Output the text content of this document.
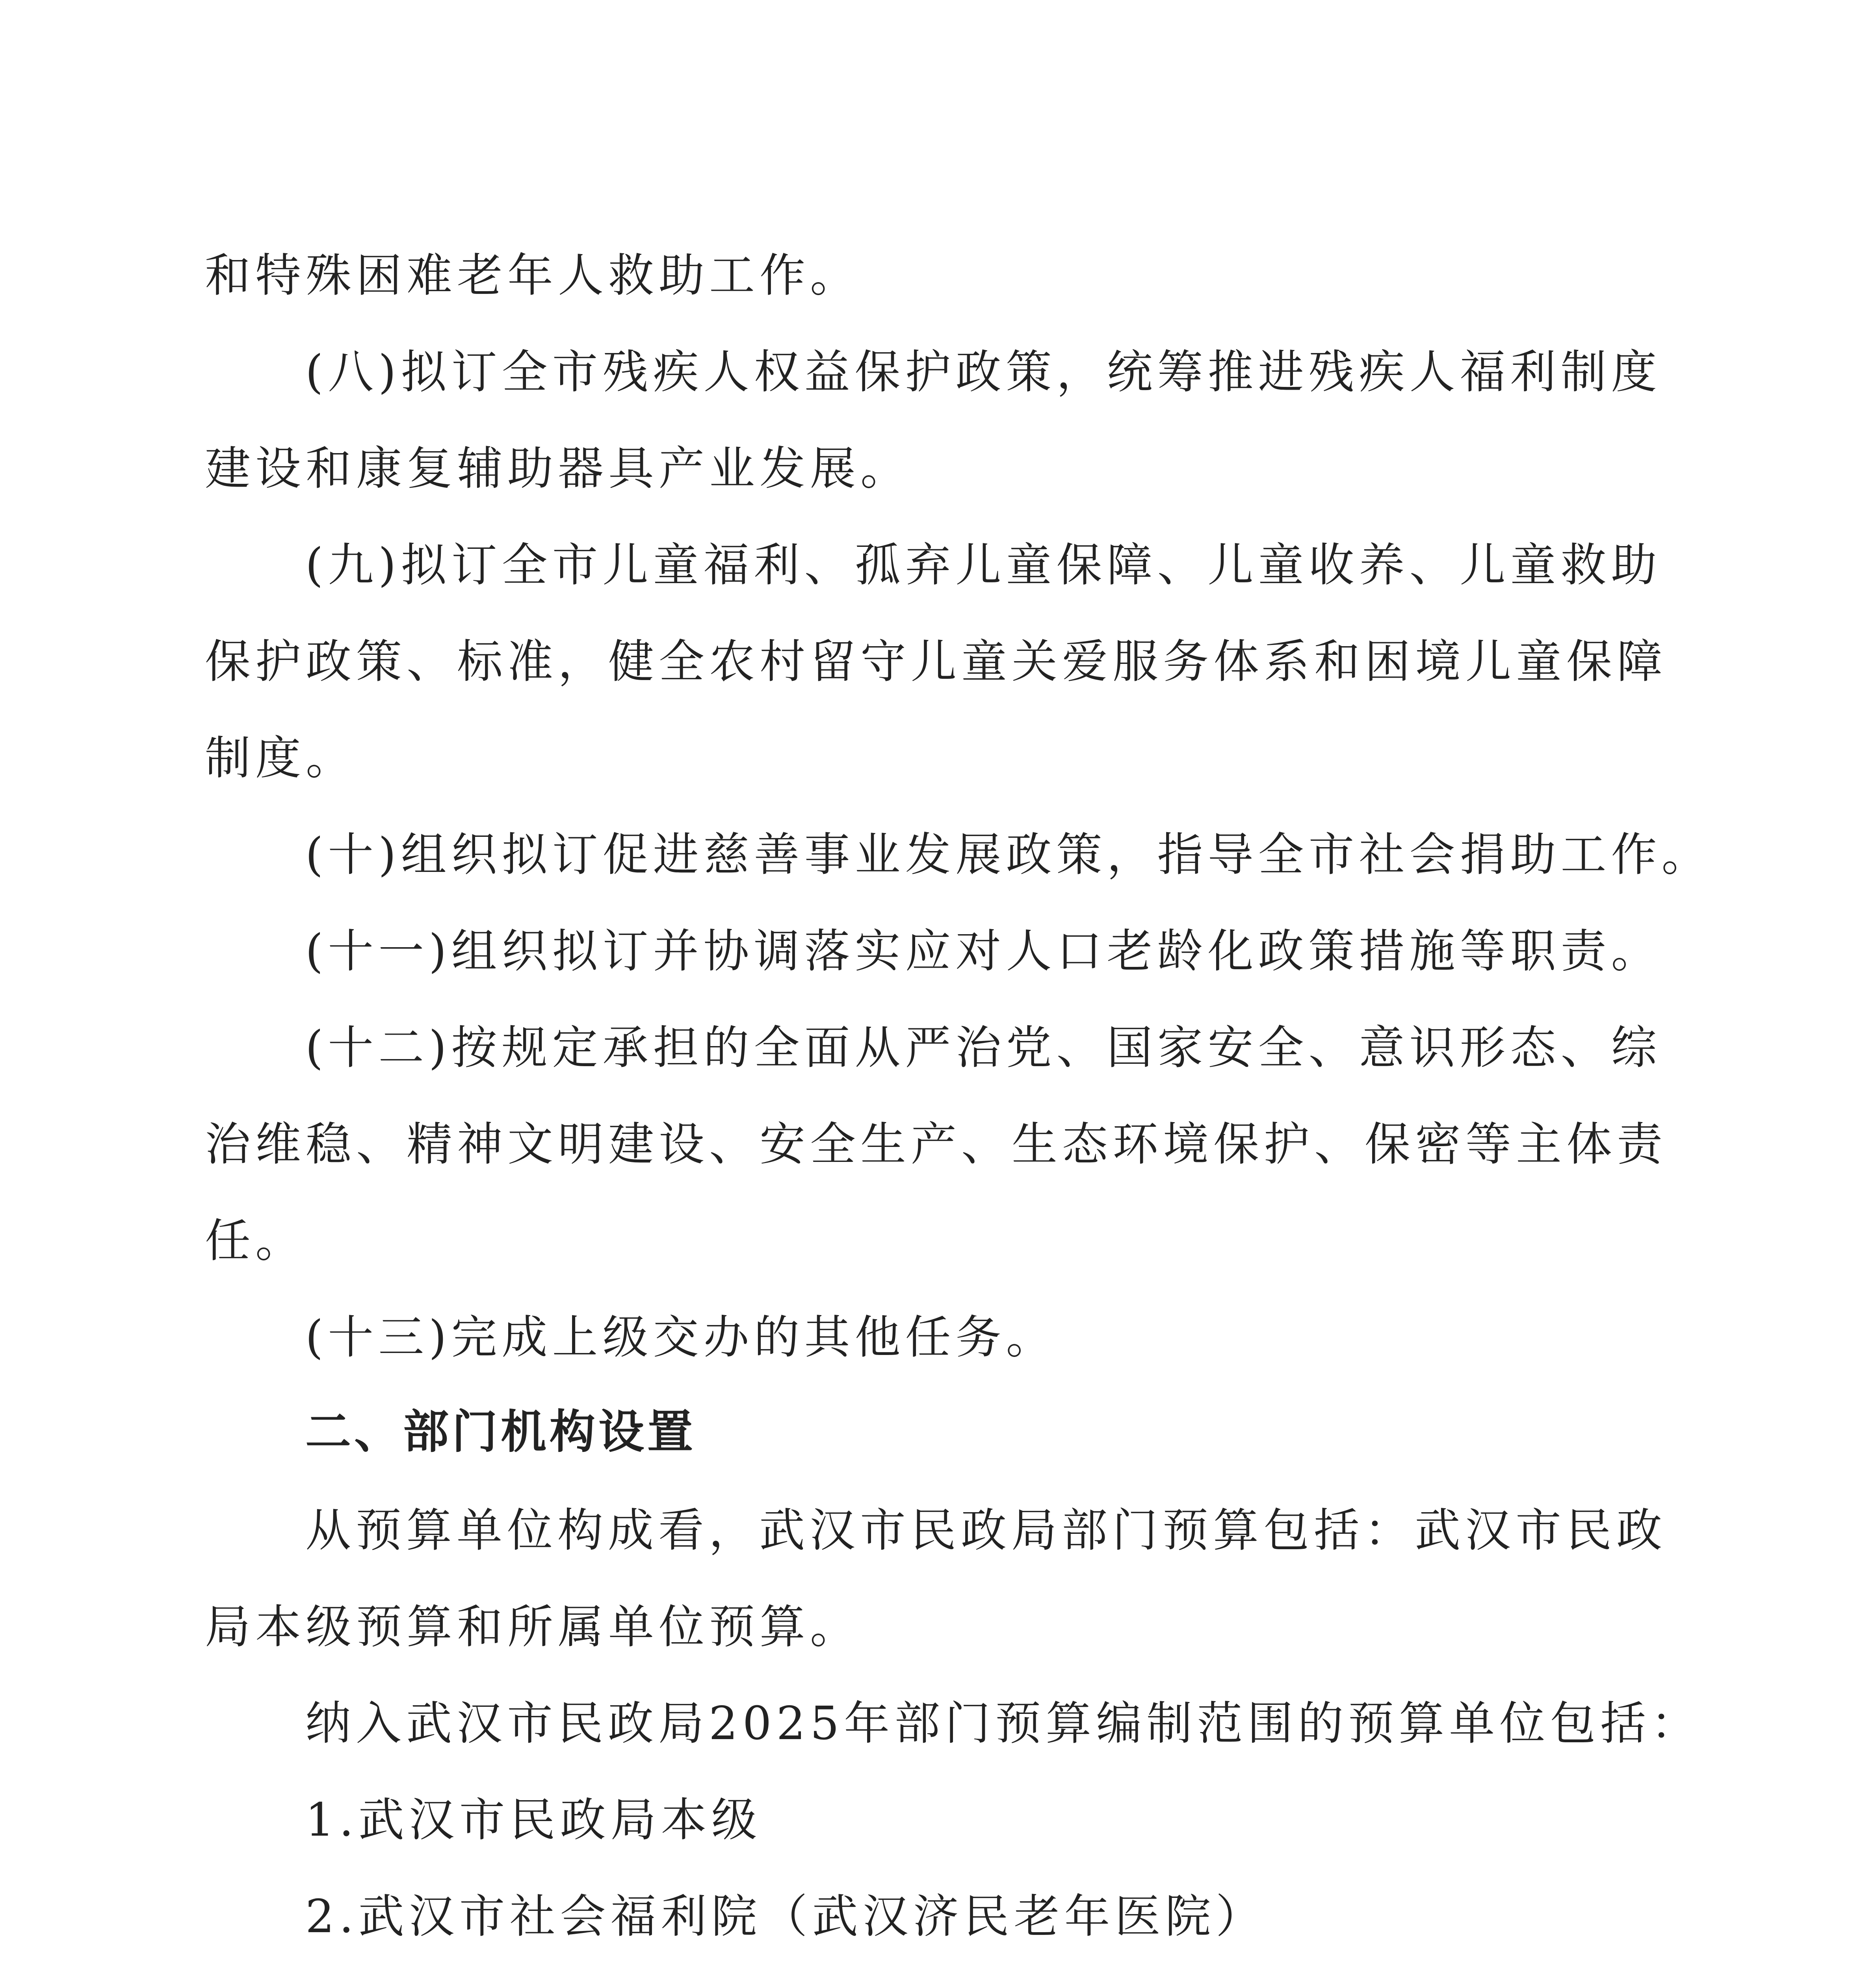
和特殊困难老年人救助工作。
(八)拟订全市残疾人权益保护政策，统筹推进残疾人福利制度
建设和康复辅助器具产业发展。
(九)拟订全市儿童福利、孤弃儿童保障、儿童收养、儿童救助
保护政策、标准，健全农村留守儿童关爱服务体系和困境儿童保障
制度。
(十)组织拟订促进慈善事业发展政策，指导全市社会捐助工作。
(十一)组织拟订并协调落实应对人口老龄化政策措施等职责。
(十二)按规定承担的全面从严治党、国家安全、意识形态、综
治维稳、精神文明建设、安全生产、生态环境保护、保密等主体责
任。
(十三)完成上级交办的其他任务。
二、部门机构设置
从预算单位构成看，武汉市民政局部门预算包括：武汉市民政
局本级预算和所属单位预算。
纳入武汉市民政局2025年部门预算编制范围的预算单位包括：
1.武汉市民政局本级
2.武汉市社会福利院（武汉济民老年医院）
